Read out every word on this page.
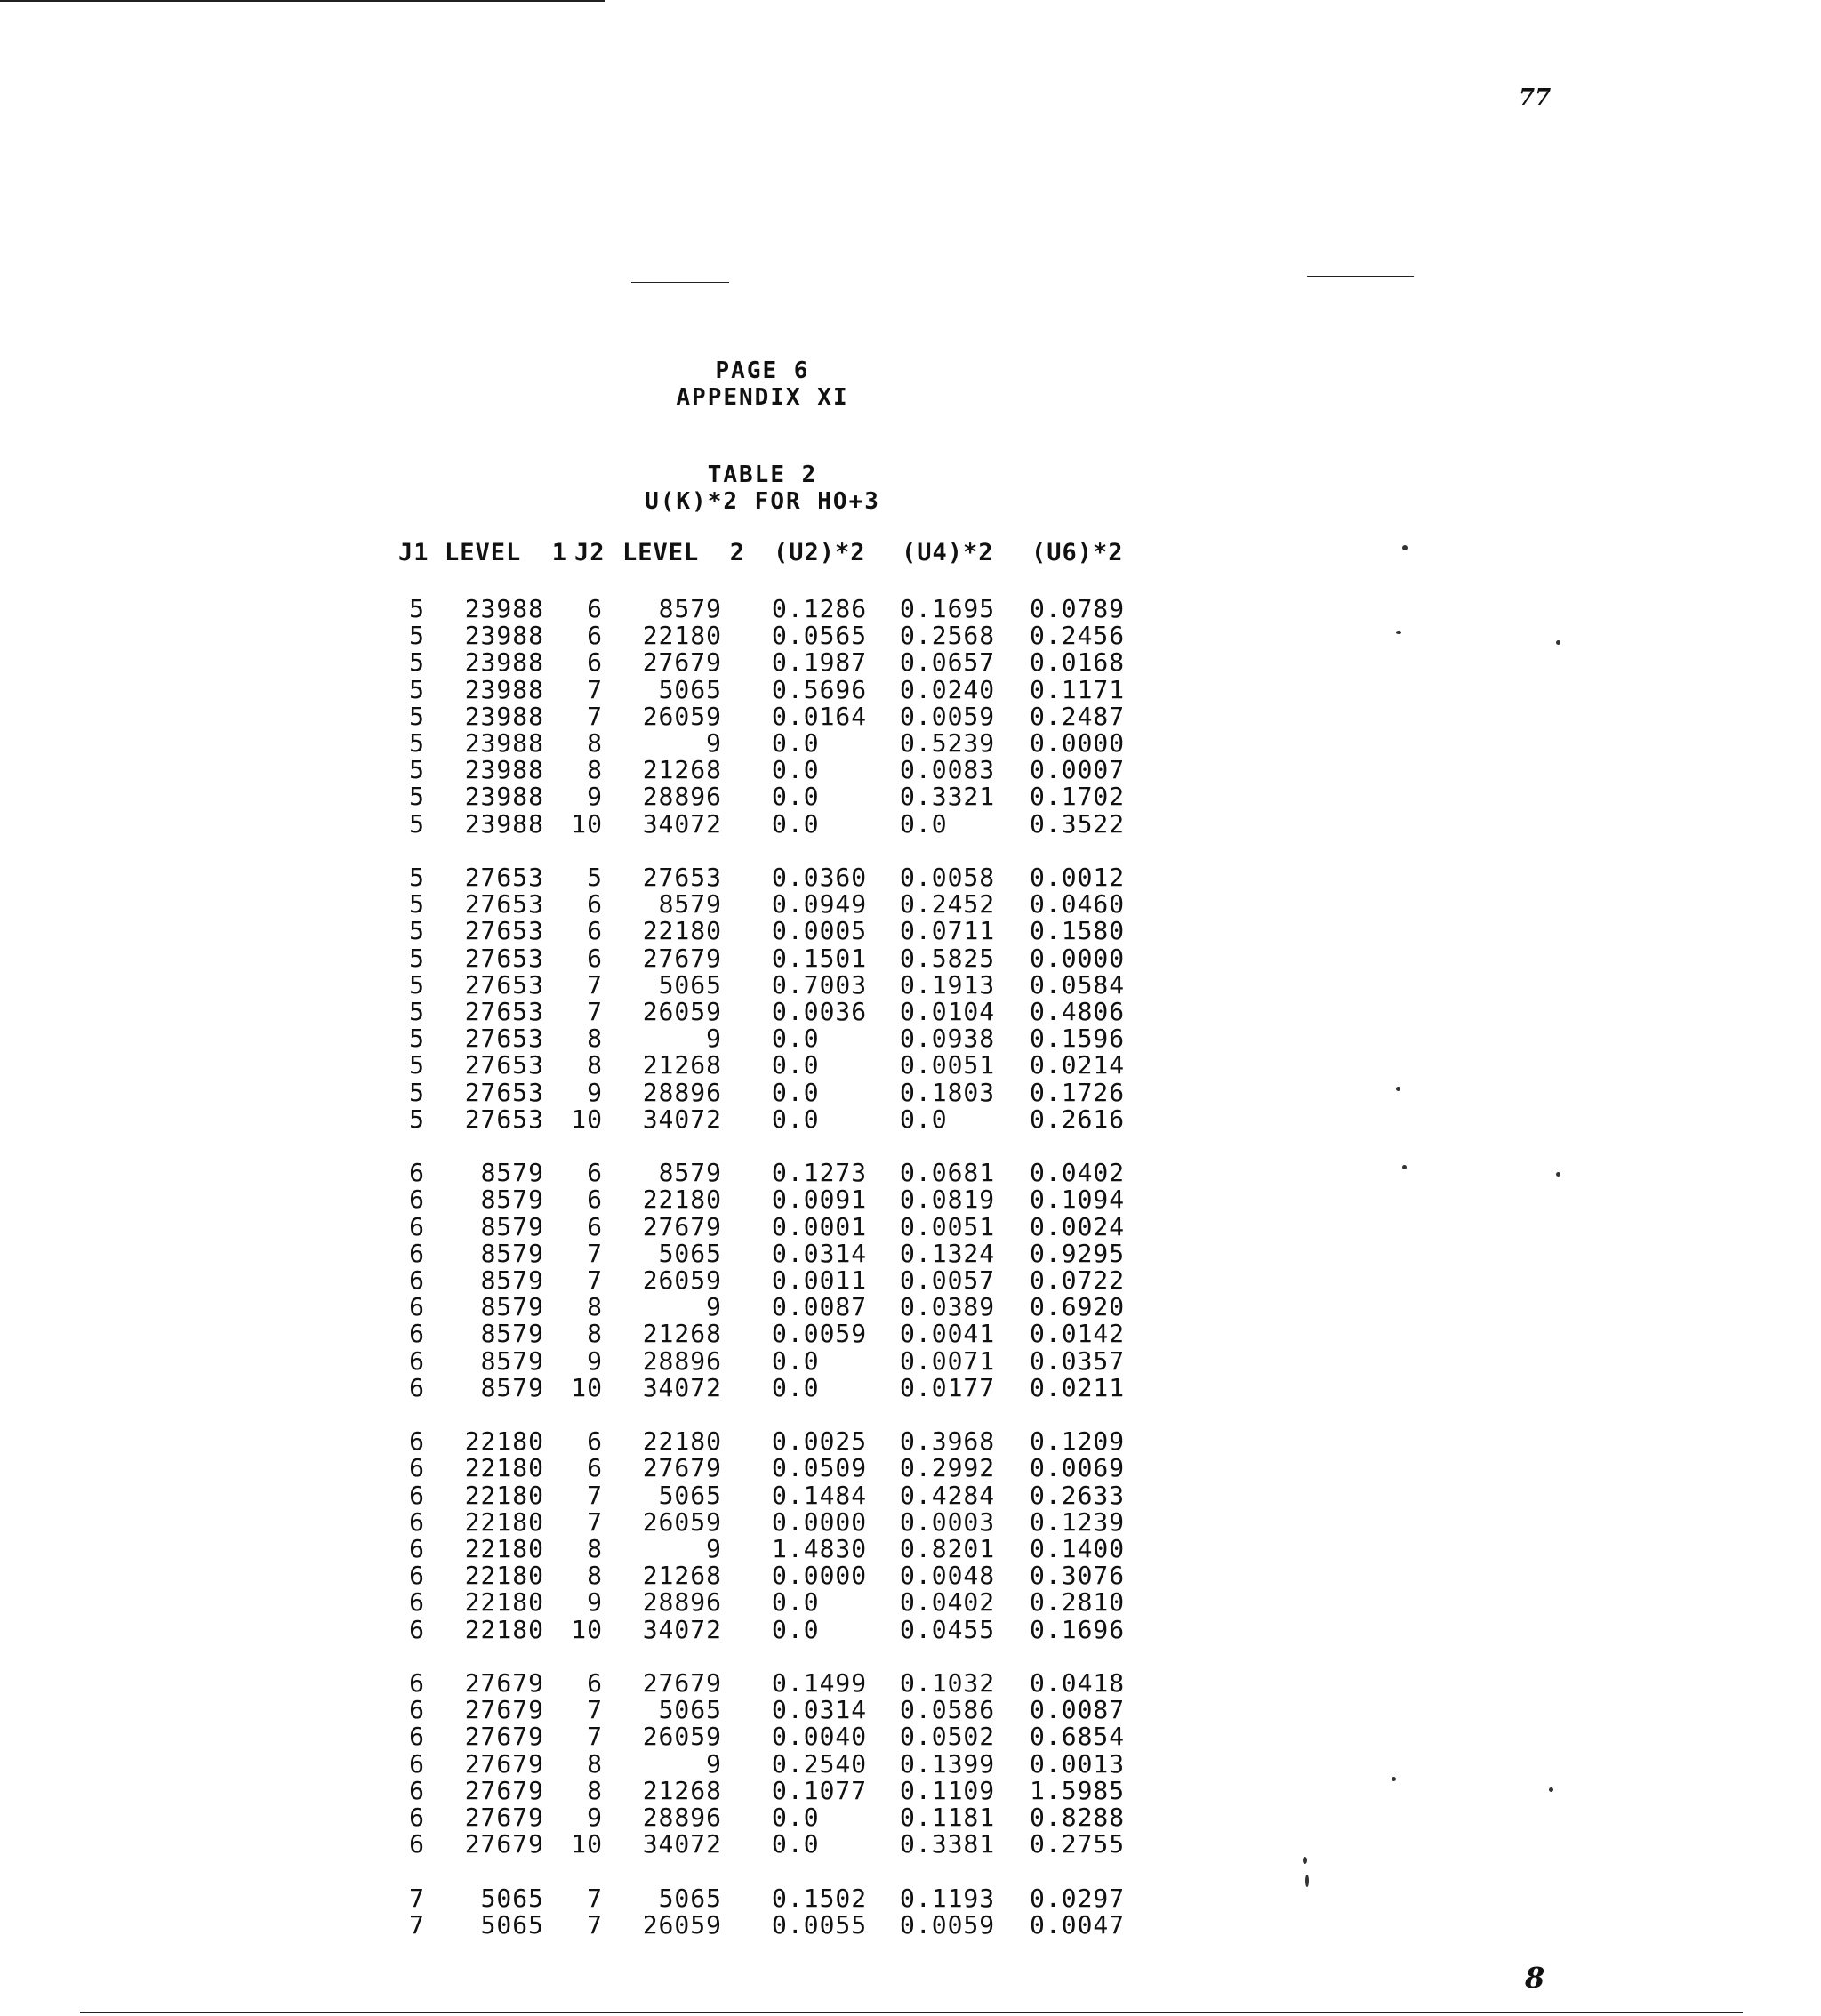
77
8
PAGE 6
APPENDIX XI
TABLE 2
U(K)*2 FOR HO+3
J1 LEVEL  1 J2 LEVEL  2 (U2)*2 (U4)*2 (U6)*2
5 23988 6 8579 0.1286 0.1695 0.0789
5 23988 6 22180 0.0565 0.2568 0.2456
5 23988 6 27679 0.1987 0.0657 0.0168
5 23988 7 5065 0.5696 0.0240 0.1171
5 23988 7 26059 0.0164 0.0059 0.2487
5 23988 8	9 0.0	0.5239 0.0000
5 23988 8 21268 0.0	0.0083 0.0007
5 23988 9 28896 0.0	0.3321 0.1702
5 23988 10 34072 0.0	0.0	0.3522
5 27653 5 27653 0.0360 0.0058 0.0012
5 27653 6 8579 0.0949 0.2452 0.0460
5 27653 6 22180 0.0005 0.0711 0.1580
5 27653 6 27679 0.1501 0.5825 0.0000
5 27653 7 5065 0.7003 0.1913 0.0584
5 27653 7 26059 0.0036 0.0104 0.4806
5 27653 8	9 0.0	0.0938 0.1596
5 27653 8 21268 0.0	0.0051 0.0214
5 27653 9 28896 0.0	0.1803 0.1726
5 27653 10 34072 0.0	0.0	0.2616
6 8579 6 8579 0.1273 0.0681 0.0402
6 8579 6 22180 0.0091 0.0819 0.1094
6 8579 6 27679 0.0001 0.0051 0.0024
6 8579 7 5065 0.0314 0.1324 0.9295
6 8579 7 26059 0.0011 0.0057 0.0722
6 8579 8	9 0.0087 0.0389 0.6920
6 8579 8 21268 0.0059 0.0041 0.0142
6 8579 9 28896 0.0	0.0071 0.0357
6 8579 10 34072 0.0	0.0177 0.0211
6 22180 6 22180 0.0025 0.3968 0.1209
6 22180 6 27679 0.0509 0.2992 0.0069
6 22180 7 5065 0.1484 0.4284 0.2633
6 22180 7 26059 0.0000 0.0003 0.1239
6 22180 8	9 1.4830 0.8201 0.1400
6 22180 8 21268 0.0000 0.0048 0.3076
6 22180 9 28896 0.0	0.0402 0.2810
6 22180 10 34072 0.0	0.0455 0.1696
6 27679 6 27679 0.1499 0.1032 0.0418
6 27679 7 5065 0.0314 0.0586 0.0087
6 27679 7 26059 0.0040 0.0502 0.6854
6 27679 8	9 0.2540 0.1399 0.0013
6 27679 8 21268 0.1077 0.1109 1.5985
6 27679 9 28896 0.0	0.1181 0.8288
6 27679 10 34072 0.0	0.3381 0.2755
7 5065 7 5065 0.1502 0.1193 0.0297
7 5065 7 26059 0.0055 0.0059 0.0047
